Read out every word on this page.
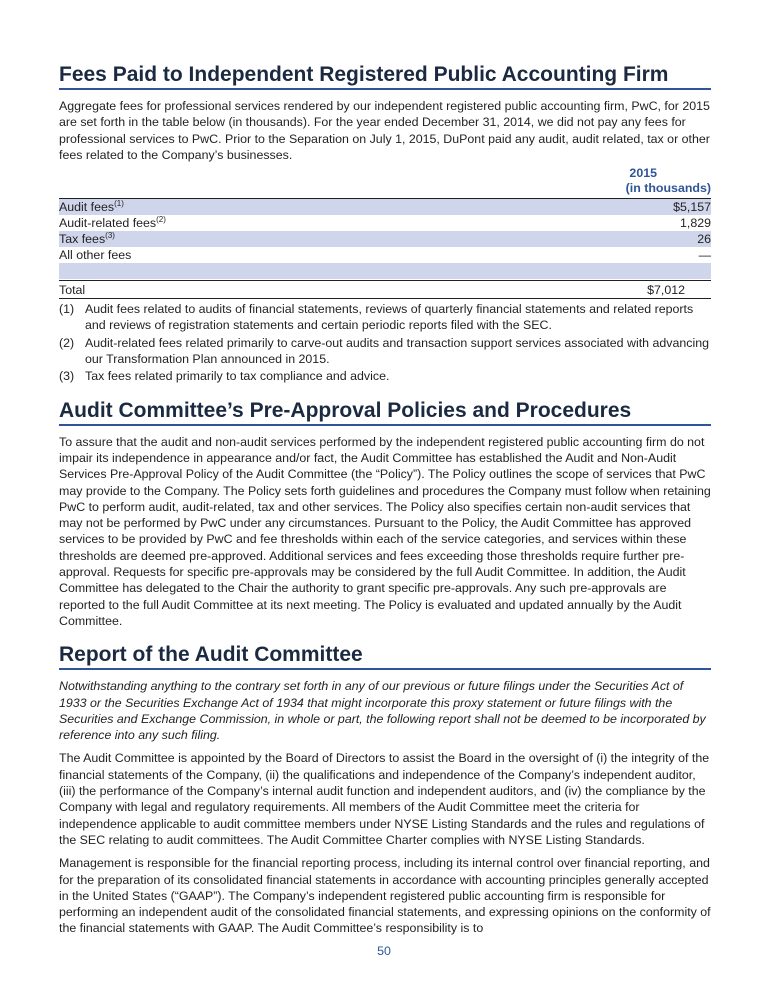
Fees Paid to Independent Registered Public Accounting Firm

Aggregate fees for professional services rendered by our independent registered public accounting firm, PwC, for 2015 are set forth in the table below (in thousands). For the year ended December 31, 2014, we did not pay any fees for professional services to PwC. Prior to the Separation on July 1, 2015, DuPont paid any audit, audit related, tax or other fees related to the Company’s businesses.

2015
(in thousands)
Audit fees$^{(1)}$	$5,157
Audit-related fees$^{(2)}$	1,829
Tax fees$^{(3)}$	26
All other fees	—
Total	$7,012
(1) Audit fees related to audits of financial statements, reviews of quarterly financial statements and related reports and reviews of registration statements and certain periodic reports filed with the SEC.
(2) Audit-related fees related primarily to carve-out audits and transaction support services associated with advancing our Transformation Plan announced in 2015.
(3) Tax fees related primarily to tax compliance and advice.
Audit Committee’s Pre-Approval Policies and Procedures

To assure that the audit and non-audit services performed by the independent registered public accounting firm do not impair its independence in appearance and/or fact, the Audit Committee has established the Audit and Non-Audit Services Pre-Approval Policy of the Audit Committee (the “Policy”). The Policy outlines the scope of services that PwC may provide to the Company. The Policy sets forth guidelines and procedures the Company must follow when retaining PwC to perform audit, audit-related, tax and other services. The Policy also specifies certain non-audit services that may not be performed by PwC under any circumstances. Pursuant to the Policy, the Audit Committee has approved services to be provided by PwC and fee thresholds within each of the service categories, and services within these thresholds are deemed pre-approved. Additional services and fees exceeding those thresholds require further pre-approval. Requests for specific pre-approvals may be considered by the full Audit Committee. In addition, the Audit Committee has delegated to the Chair the authority to grant specific pre-approvals. Any such pre-approvals are reported to the full Audit Committee at its next meeting. The Policy is evaluated and updated annually by the Audit Committee.

Report of the Audit Committee

Notwithstanding anything to the contrary set forth in any of our previous or future filings under the Securities Act of 1933 or the Securities Exchange Act of 1934 that might incorporate this proxy statement or future filings with the Securities and Exchange Commission, in whole or part, the following report shall not be deemed to be incorporated by reference into any such filing.

The Audit Committee is appointed by the Board of Directors to assist the Board in the oversight of (i) the integrity of the financial statements of the Company, (ii) the qualifications and independence of the Company’s independent auditor, (iii) the performance of the Company’s internal audit function and independent auditors, and (iv) the compliance by the Company with legal and regulatory requirements. All members of the Audit Committee meet the criteria for independence applicable to audit committee members under NYSE Listing Standards and the rules and regulations of the SEC relating to audit committees. The Audit Committee Charter complies with NYSE Listing Standards.

Management is responsible for the financial reporting process, including its internal control over financial reporting, and for the preparation of its consolidated financial statements in accordance with accounting principles generally accepted in the United States (“GAAP”). The Company’s independent registered public accounting firm is responsible for performing an independent audit of the consolidated financial statements, and expressing opinions on the conformity of the financial statements with GAAP. The Audit Committee’s responsibility is to

50
